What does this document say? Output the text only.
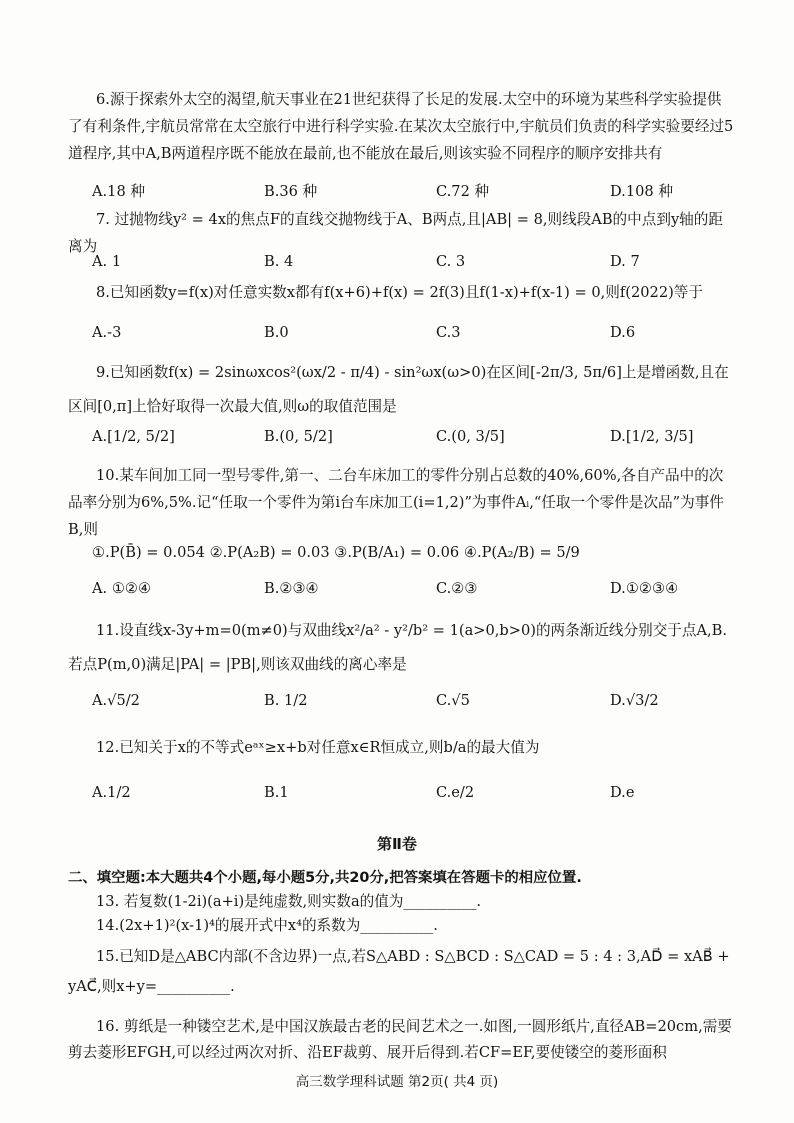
6.源于探索外太空的渴望,航天事业在21世纪获得了长足的发展.太空中的环境为某些科学实验提供了有利条件,宇航员常常在太空旅行中进行科学实验.在某次太空旅行中,宇航员们负责的科学实验要经过5道程序,其中A,B两道程序既不能放在最前,也不能放在最后,则该实验不同程序的顺序安排共有
A.18 种	B.36 种	C.72 种	D.108 种
7. 过抛物线y² = 4x的焦点F的直线交抛物线于A、B两点,且|AB| = 8,则线段AB的中点到y轴的距离为
A. 1	B. 4	C. 3	D. 7
8.已知函数y=f(x)对任意实数x都有f(x+6)+f(x) = 2f(3)且f(1-x)+f(x-1) = 0,则f(2022)等于
A.-3	B.0	C.3	D.6
9.已知函数f(x) = 2sinωxcos²(ωx/2 - π/4) - sin²ωx(ω>0)在区间[-2π/3, 5π/6]上是增函数,且在区间[0,π]上恰好取得一次最大值,则ω的取值范围是
A.[1/2, 5/2]	B.(0, 5/2]	C.(0, 3/5]	D.[1/2, 3/5]
10.某车间加工同一型号零件,第一、二台车床加工的零件分别占总数的40%,60%,各自产品中的次品率分别为6%,5%.记“任取一个零件为第i台车床加工(i=1,2)”为事件Aᵢ,“任取一个零件是次品”为事件B,则
①.P(B̄) = 0.054 ②.P(A₂B) = 0.03 ③.P(B/A₁) = 0.06 ④.P(A₂/B) = 5/9
A. ①②④	B.②③④	C.②③	D.①②③④
11.设直线x-3y+m=0(m≠0)与双曲线x²/a² - y²/b² = 1(a>0,b>0)的两条渐近线分别交于点A,B.若点P(m,0)满足|PA| = |PB|,则该双曲线的离心率是
A.√5/2	B. 1/2	C.√5	D.√3/2
12.已知关于x的不等式eᵃˣ≥x+b对任意x∈R恒成立,则b/a的最大值为
A.1/2	B.1	C.e/2	D.e
第Ⅱ卷
二、填空题:本大题共4个小题,每小题5分,共20分,把答案填在答题卡的相应位置.
13. 若复数(1-2i)(a+i)是纯虚数,则实数a的值为__________.
14.(2x+1)²(x-1)⁴的展开式中x⁴的系数为__________.
15.已知D是△ABC内部(不含边界)一点,若S△ABD : S△BCD : S△CAD = 5 : 4 : 3,AD⃗ = xAB⃗ + yAC⃗,则x+y=__________.
16. 剪纸是一种镂空艺术,是中国汉族最古老的民间艺术之一.如图,一圆形纸片,直径AB=20cm,需要剪去菱形EFGH,可以经过两次对折、沿EF裁剪、展开后得到.若CF=EF,要使镂空的菱形面积
高三数学理科试题 第2页( 共4 页)
